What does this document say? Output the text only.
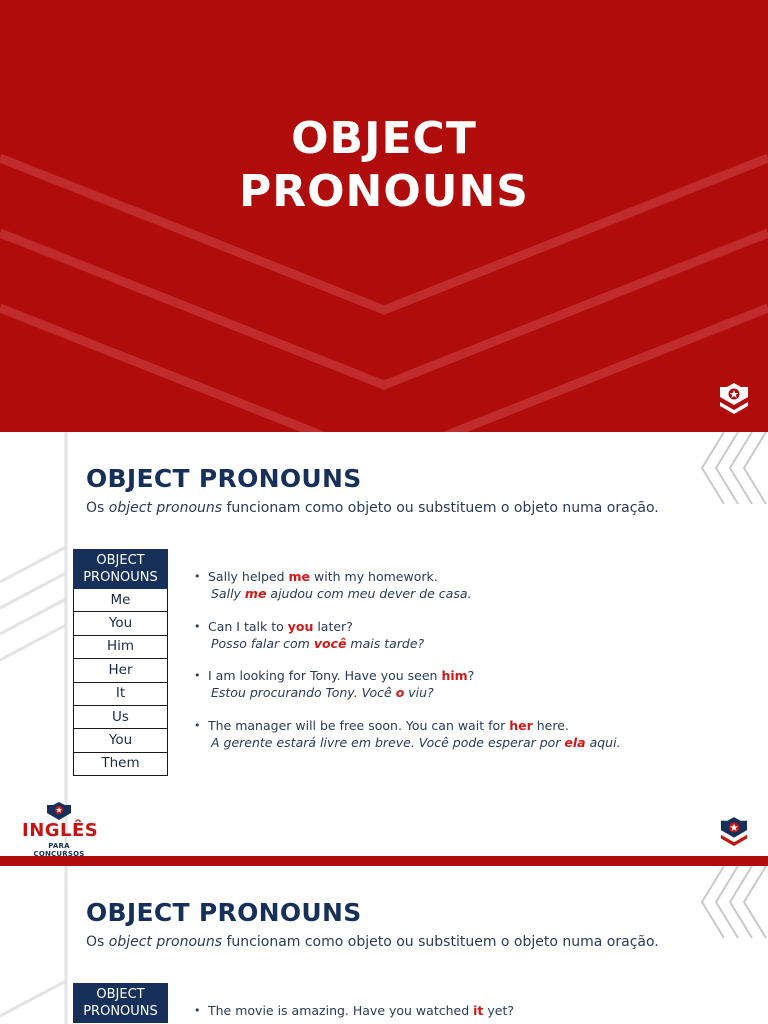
OBJECT
PRONOUNS
OBJECT PRONOUNS

Os object pronouns funcionam como objeto ou substituem o objeto numa oração.

OBJECT
PRONOUNS
Me
You
Him
Her
It
Us
You
Them
• Sally helped me with my homework.
Sally me ajudou com meu dever de casa.
• Can I talk to you later?
Posso falar com você mais tarde?
• I am looking for Tony. Have you seen him?
Estou procurando Tony. Você o viu?
• The manager will be free soon. You can wait for her here.
A gerente estará livre em breve. Você pode esperar por ela aqui.
INGLÊS
PARA CONCURSOS
OBJECT PRONOUNS

Os object pronouns funcionam como objeto ou substituem o objeto numa oração.

OBJECT
PRONOUNS
•	The movie is amazing. Have you watched it yet?
